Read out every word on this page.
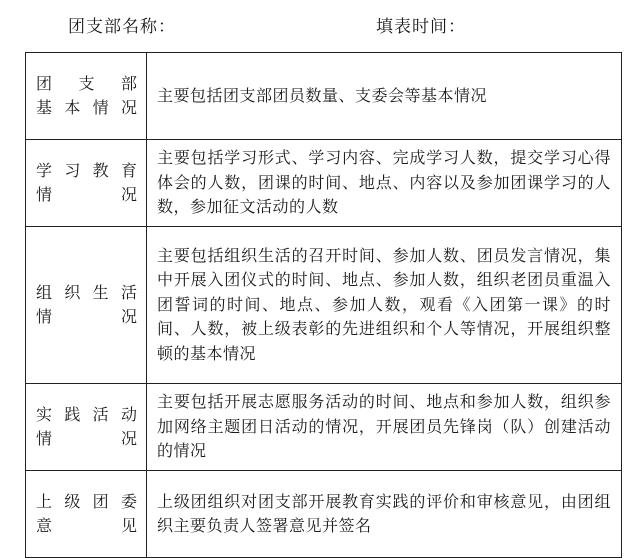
团支部名称：	填表时间：
团 支 部
基本情况	主要包括团支部团员数量、支委会等基本情况

学习教育
情　　况	主要包括学习形式、学习内容、完成学习人数，提交学习心得体会的人数，团课的时间、地点、内容以及参加团课学习的人数，参加征文活动的人数

组织生活
情　　况	主要包括组织生活的召开时间、参加人数、团员发言情况，集中开展入团仪式的时间、地点、参加人数，组织老团员重温入团誓词的时间、地点、参加人数，观看《入团第一课》的时间、人数，被上级表彰的先进组织和个人等情况，开展组织整顿的基本情况

实践活动
情　　况	主要包括开展志愿服务活动的时间、地点和参加人数，组织参加网络主题团日活动的情况，开展团员先锋岗（队）创建活动的情况

上级团委
意　　见	上级团组织对团支部开展教育实践的评价和审核意见，由团组织主要负责人签署意见并签名
